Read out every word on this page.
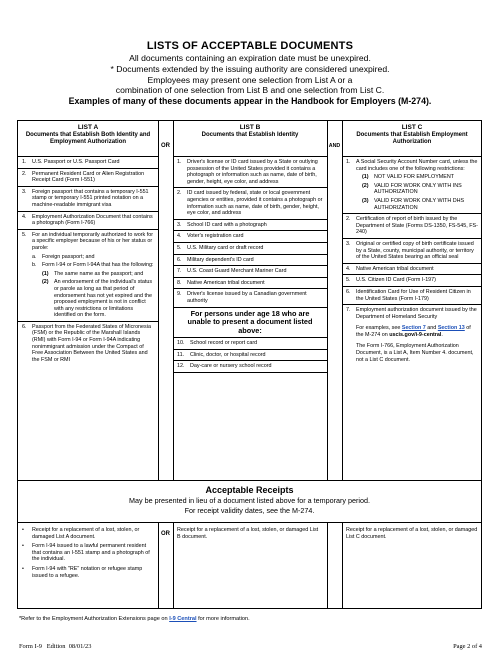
LISTS OF ACCEPTABLE DOCUMENTS
All documents containing an expiration date must be unexpired.
* Documents extended by the issuing authority are considered unexpired.
Employees may present one selection from List A or a
combination of one selection from List B and one selection from List C.
Examples of many of these documents appear in the Handbook for Employers (M-274).
OR	AND
LIST A
Documents that Establish Both Identity and Employment Authorization
1.	U.S. Passport or U.S. Passport Card
2.	Permanent Resident Card or Alien Registration Receipt Card (Form I-551)
3.	Foreign passport that contains a temporary I-551 stamp or temporary I-551 printed notation on a machine-readable immigrant visa
4.	Employment Authorization Document that contains a photograph (Form I-766)
5.	For an individual temporarily authorized to work for a specific employer because of his or her status or parole:
a.	Foreign passport; and
b.	Form I-94 or Form I-94A that has the following:
(1)	The same name as the passport; and
(2)	An endorsement of the individual's status or parole as long as that period of endorsement has not yet expired and the proposed employment is not in conflict with any restrictions or limitations identified on the form.
6.	Passport from the Federated States of Micronesia (FSM) or the Republic of the Marshall Islands (RMI) with Form I-94 or Form I-94A indicating nonimmigrant admission under the Compact of Free Association Between the United States and the FSM or RMI
LIST B
Documents that Establish Identity
1.	Driver's license or ID card issued by a State or outlying possession of the United States provided it contains a photograph or information such as name, date of birth, gender, height, eye color, and address
2.	ID card issued by federal, state or local government agencies or entities, provided it contains a photograph or information such as name, date of birth, gender, height, eye color, and address
3.	School ID card with a photograph
4.	Voter's registration card
5.	U.S. Military card or draft record
6.	Military dependent's ID card
7.	U.S. Coast Guard Merchant Mariner Card
8.	Native American tribal document
9.	Driver's license issued by a Canadian government authority
For persons under age 18 who are unable to present a document listed above:
10.	School record or report card
11.	Clinic, doctor, or hospital record
12.	Day-care or nursery school record
LIST C
Documents that Establish Employment Authorization
1.	A Social Security Account Number card, unless the card includes one of the following restrictions:
(1)	NOT VALID FOR EMPLOYMENT
(2)	VALID FOR WORK ONLY WITH INS AUTHORIZATION
(3)	VALID FOR WORK ONLY WITH DHS AUTHORIZATION
2.	Certification of report of birth issued by the Department of State (Forms DS-1350, FS-545, FS-240)
3.	Original or certified copy of birth certificate issued by a State, county, municipal authority, or territory of the United States bearing an official seal
4.	Native American tribal document
5.	U.S. Citizen ID Card (Form I-197)
6.	Identification Card for Use of Resident Citizen in the United States (Form I-179)
7.	Employment authorization document issued by the Department of Homeland Security
For examples, see Section 7 and Section 13 of the M-274 on uscis.gov/i-9-central.
The Form I-766, Employment Authorization Document, is a List A, Item Number 4. document, not a List C document.
Acceptable Receipts
May be presented in lieu of a document listed above for a temporary period.
For receipt validity dates, see the M-274.
OR
•	Receipt for a replacement of a lost, stolen, or damaged List A document.
•	Form I-94 issued to a lawful permanent resident that contains an I-551 stamp and a photograph of the individual.
•	Form I-94 with "RE" notation or refugee stamp issued to a refugee.
Receipt for a replacement of a lost, stolen, or damaged List B document.
Receipt for a replacement of a lost, stolen, or damaged List C document.
*Refer to the Employment Authorization Extensions page on I-9 Central for more information.
Form I-9   Edition  08/01/23	Page 2 of 4
